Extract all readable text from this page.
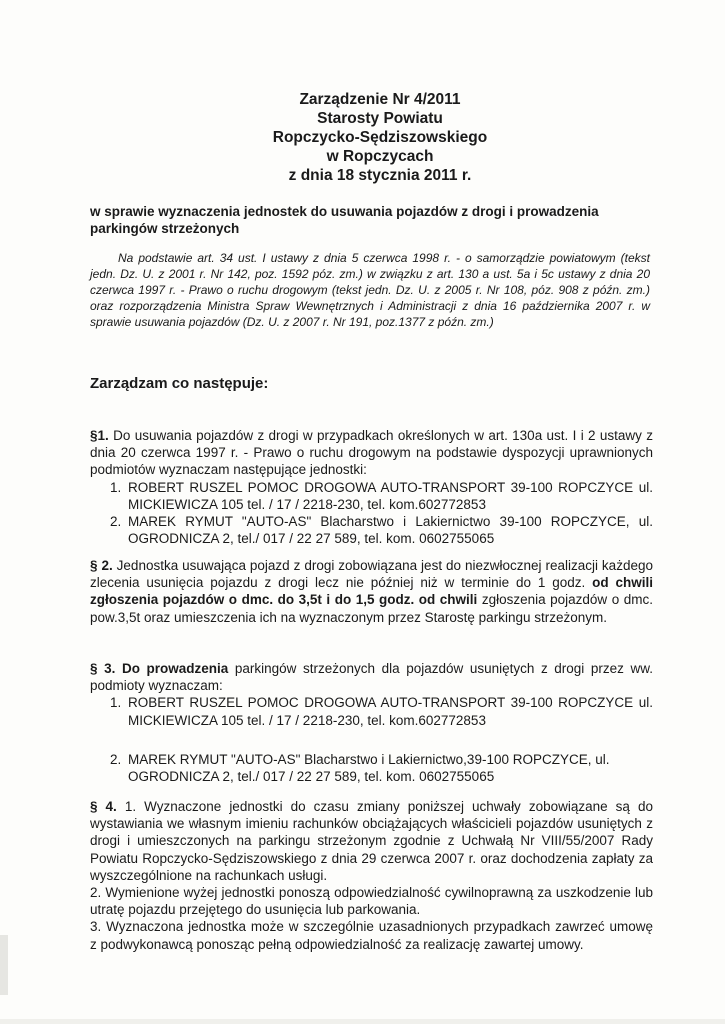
Zarządzenie Nr 4/2011
Starosty Powiatu
Ropczycko-Sędziszowskiego
w Ropczycach
z dnia 18 stycznia 2011 r.
w sprawie wyznaczenia jednostek do usuwania pojazdów z drogi i prowadzenia parkingów strzeżonych
Na podstawie art. 34 ust. I ustawy z dnia 5 czerwca 1998 r. - o samorządzie powiatowym (tekst jedn. Dz. U. z 2001 r. Nr 142, poz. 1592 póz. zm.) w związku z art. 130 a ust. 5a i 5c ustawy z dnia 20 czerwca 1997 r. - Prawo o ruchu drogowym (tekst jedn. Dz. U. z 2005 r. Nr 108, póz. 908 z późn. zm.) oraz rozporządzenia Ministra Spraw Wewnętrznych i Administracji z dnia 16 października 2007 r. w sprawie usuwania pojazdów (Dz. U. z 2007 r. Nr 191, poz.1377 z późn. zm.)
Zarządzam co następuje:
§1. Do usuwania pojazdów z drogi w przypadkach określonych w art. 130a ust. I i 2 ustawy z dnia 20 czerwca 1997 r. - Prawo o ruchu drogowym na podstawie dyspozycji uprawnionych podmiotów wyznaczam następujące jednostki:
1. ROBERT RUSZEL POMOC DROGOWA AUTO-TRANSPORT 39-100 ROPCZYCE ul. MICKIEWICZA 105 tel. / 17 / 2218-230, tel. kom.602772853
2. MAREK RYMUT "AUTO-AS" Blacharstwo i Lakiernictwo 39-100 ROPCZYCE, ul. OGRODNICZA 2, tel./ 017 / 22 27 589, tel. kom. 0602755065
§ 2. Jednostka usuwająca pojazd z drogi zobowiązana jest do niezwłocznej realizacji każdego zlecenia usunięcia pojazdu z drogi lecz nie później niż w terminie do 1 godz. od chwili zgłoszenia pojazdów o dmc. do 3,5t i do 1,5 godz. od chwili zgłoszenia pojazdów o dmc. pow.3,5t oraz umieszczenia ich na wyznaczonym przez Starostę parkingu strzeżonym.
§ 3. Do prowadzenia parkingów strzeżonych dla pojazdów usuniętych z drogi przez ww. podmioty wyznaczam:
1. ROBERT RUSZEL POMOC DROGOWA AUTO-TRANSPORT 39-100 ROPCZYCE ul. MICKIEWICZA 105 tel. / 17 / 2218-230, tel. kom.602772853
2. MAREK RYMUT "AUTO-AS" Blacharstwo i Lakiernictwo,39-100 ROPCZYCE, ul. OGRODNICZA 2, tel./ 017 / 22 27 589, tel. kom. 0602755065
§ 4. 1. Wyznaczone jednostki do czasu zmiany poniższej uchwały zobowiązane są do wystawiania we własnym imieniu rachunków obciążających właścicieli pojazdów usuniętych z drogi i umieszczonych na parkingu strzeżonym zgodnie z Uchwałą Nr VIII/55/2007 Rady Powiatu Ropczycko-Sędziszowskiego z dnia 29 czerwca 2007 r. oraz dochodzenia zapłaty za wyszczególnione na rachunkach usługi.
2. Wymienione wyżej jednostki ponoszą odpowiedzialność cywilnoprawną za uszkodzenie lub utratę pojazdu przejętego do usunięcia lub parkowania.
3. Wyznaczona jednostka może w szczególnie uzasadnionych przypadkach zawrzeć umowę z podwykonawcą ponosząc pełną odpowiedzialność za realizację zawartej umowy.
